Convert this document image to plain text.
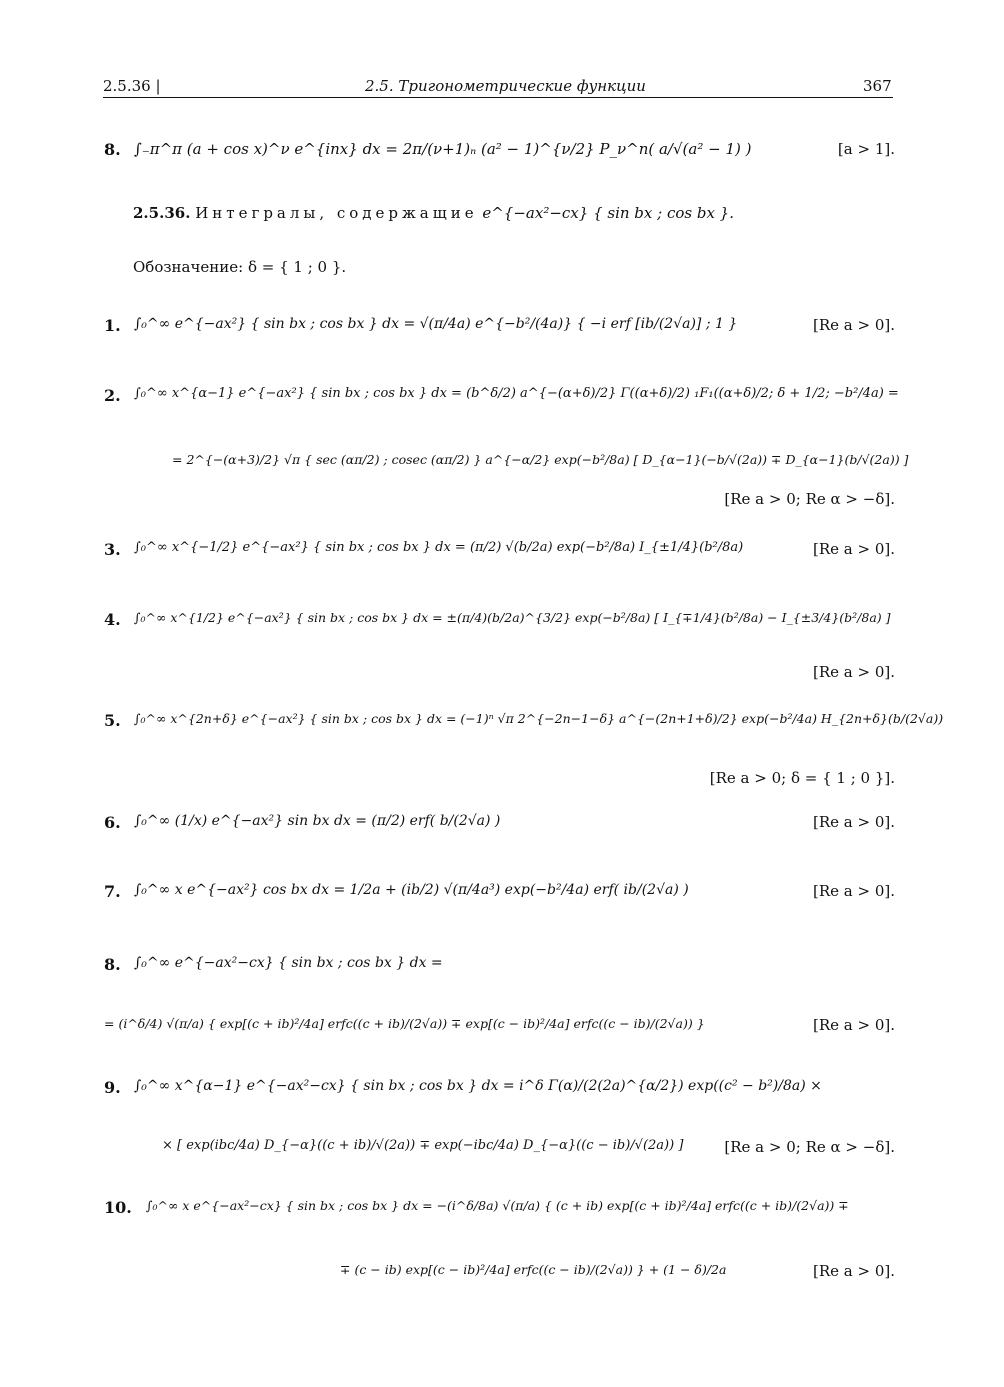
2.5.36 |	2.5. Тригонометрические функции	367
8. ∫₋π^π (a + cos x)^ν e^{inx} dx = 2π/(ν+1)ₙ (a² − 1)^{ν/2} P_ν^n( a/√(a² − 1) )	[a > 1].
2.5.36. Интегралы, содержащие e^{−ax²−cx} { sin bx ; cos bx }.
Обозначение: δ = { 1 ; 0 }.
1. ∫₀^∞ e^{−ax²} { sin bx ; cos bx } dx = √(π/4a) e^{−b²/(4a)} { −i erf [ib/(2√a)] ; 1 }	[Re a > 0].
2. ∫₀^∞ x^{α−1} e^{−ax²} { sin bx ; cos bx } dx = (b^δ/2) a^{−(α+δ)/2} Γ((α+δ)/2) ₁F₁((α+δ)/2; δ + 1/2; −b²/4a) =
= 2^{−(α+3)/2} √π { sec (απ/2) ; cosec (απ/2) } a^{−α/2} exp(−b²/8a) [ D_{α−1}(−b/√(2a)) ∓ D_{α−1}(b/√(2a)) ]
[Re a > 0; Re α > −δ].
3. ∫₀^∞ x^{−1/2} e^{−ax²} { sin bx ; cos bx } dx = (π/2) √(b/2a) exp(−b²/8a) I_{±1/4}(b²/8a)	[Re a > 0].
4. ∫₀^∞ x^{1/2} e^{−ax²} { sin bx ; cos bx } dx = ±(π/4)(b/2a)^{3/2} exp(−b²/8a) [ I_{∓1/4}(b²/8a) − I_{±3/4}(b²/8a) ]
[Re a > 0].
5. ∫₀^∞ x^{2n+δ} e^{−ax²} { sin bx ; cos bx } dx = (−1)ⁿ √π 2^{−2n−1−δ} a^{−(2n+1+δ)/2} exp(−b²/4a) H_{2n+δ}(b/(2√a))
[Re a > 0; δ = { 1 ; 0 }].
6. ∫₀^∞ (1/x) e^{−ax²} sin bx dx = (π/2) erf( b/(2√a) )	[Re a > 0].
7. ∫₀^∞ x e^{−ax²} cos bx dx = 1/2a + (ib/2) √(π/4a³) exp(−b²/4a) erf( ib/(2√a) )	[Re a > 0].
8. ∫₀^∞ e^{−ax²−cx} { sin bx ; cos bx } dx =
= (i^δ/4) √(π/a) { exp[(c + ib)²/4a] erfc((c + ib)/(2√a)) ∓ exp[(c − ib)²/4a] erfc((c − ib)/(2√a)) }	[Re a > 0].
9. ∫₀^∞ x^{α−1} e^{−ax²−cx} { sin bx ; cos bx } dx = i^δ Γ(α)/(2(2a)^{α/2}) exp((c² − b²)/8a) ×
× [ exp(ibc/4a) D_{−α}((c + ib)/√(2a)) ∓ exp(−ibc/4a) D_{−α}((c − ib)/√(2a)) ]	[Re a > 0; Re α > −δ].
10. ∫₀^∞ x e^{−ax²−cx} { sin bx ; cos bx } dx = −(i^δ/8a) √(π/a) { (c + ib) exp[(c + ib)²/4a] erfc((c + ib)/(2√a)) ∓
∓ (c − ib) exp[(c − ib)²/4a] erfc((c − ib)/(2√a)) } + (1 − δ)/2a	[Re a > 0].
